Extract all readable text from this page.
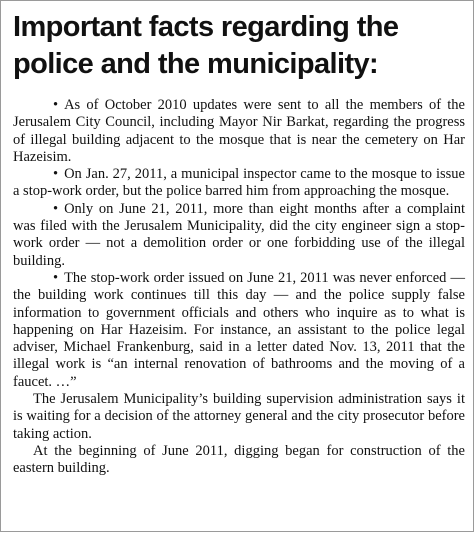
Important facts regarding the
police and the municipality:

• As of October 2010 updates were sent to all the members of the Jerusalem City Council, including Mayor Nir Barkat, regarding the progress of illegal building adjacent to the mosque that is near the cemetery on Har Hazeisim.

• On Jan. 27, 2011, a municipal inspector came to the mosque to issue a stop-work order, but the police barred him from approaching the mosque.

• Only on June 21, 2011, more than eight months after a complaint was filed with the Jerusalem Municipality, did the city engineer sign a stop-work order — not a demolition order or one forbidding use of the illegal building.

• The stop-work order issued on June 21, 2011 was never enforced — the building work continues till this day — and the police supply false information to government officials and others who inquire as to what is happening on Har Hazeisim. For instance, an assistant to the police legal adviser, Michael Frankenburg, said in a letter dated Nov. 13, 2011 that the illegal work is “an internal renovation of bathrooms and the moving of a faucet. …”

The Jerusalem Municipality’s building supervision administration says it is waiting for a decision of the attorney general and the city prosecutor before taking action.

At the beginning of June 2011, digging began for construction of the eastern building.
